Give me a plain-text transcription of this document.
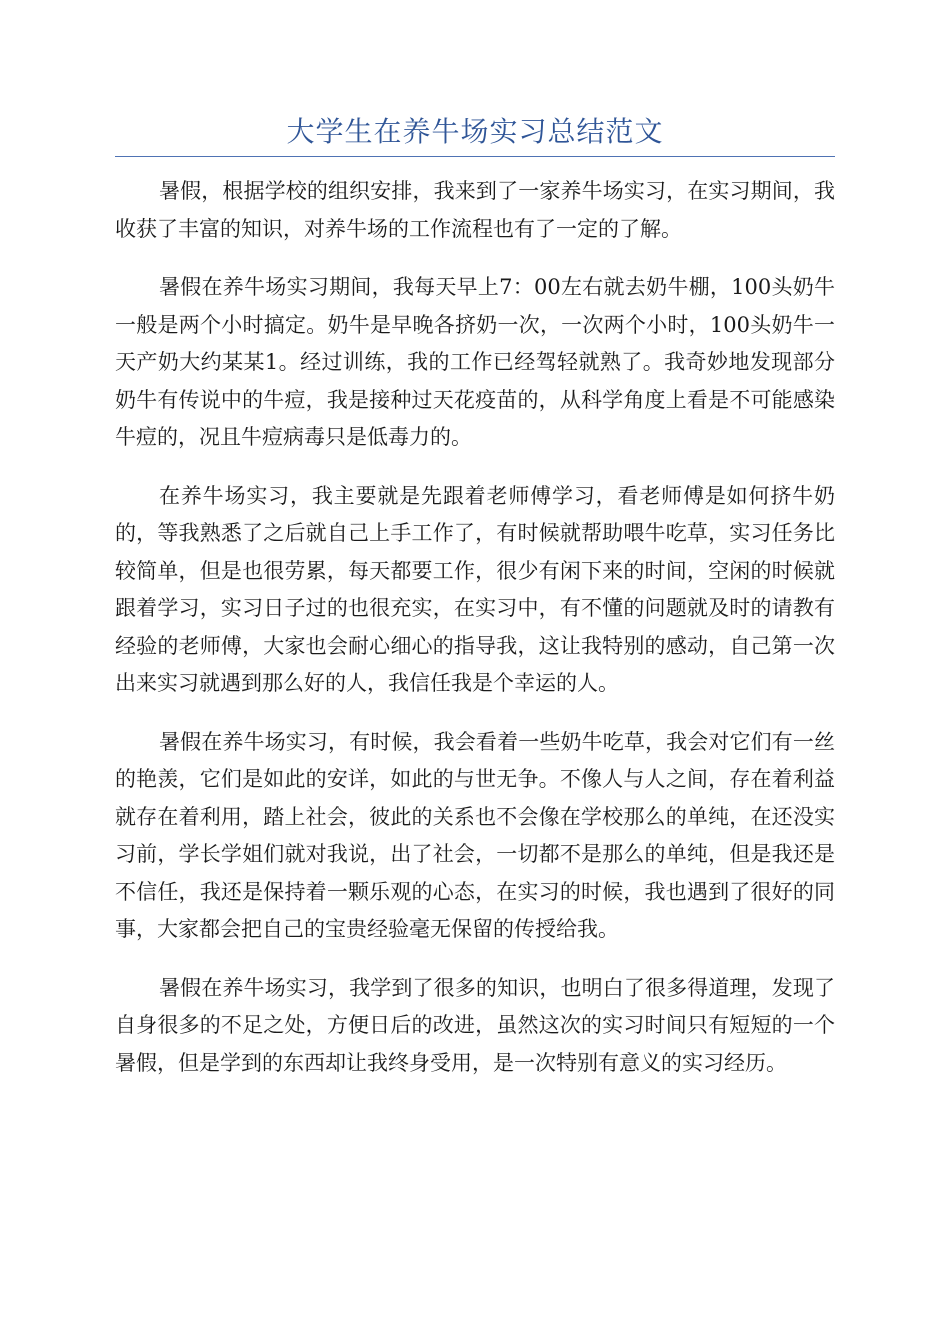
大学生在养牛场实习总结范文

暑假，根据学校的组织安排，我来到了一家养牛场实习，在实习期间，我收获了丰富的知识，对养牛场的工作流程也有了一定的了解。

暑假在养牛场实习期间，我每天早上7：00左右就去奶牛棚，100头奶牛一般是两个小时搞定。奶牛是早晚各挤奶一次，一次两个小时，100头奶牛一天产奶大约某某1。经过训练，我的工作已经驾轻就熟了。我奇妙地发现部分奶牛有传说中的牛痘，我是接种过天花疫苗的，从科学角度上看是不可能感染牛痘的，况且牛痘病毒只是低毒力的。

在养牛场实习，我主要就是先跟着老师傅学习，看老师傅是如何挤牛奶的，等我熟悉了之后就自己上手工作了，有时候就帮助喂牛吃草，实习任务比较简单，但是也很劳累，每天都要工作，很少有闲下来的时间，空闲的时候就跟着学习，实习日子过的也很充实，在实习中，有不懂的问题就及时的请教有经验的老师傅，大家也会耐心细心的指导我，这让我特别的感动，自己第一次出来实习就遇到那么好的人，我信任我是个幸运的人。

暑假在养牛场实习，有时候，我会看着一些奶牛吃草，我会对它们有一丝的艳羡，它们是如此的安详，如此的与世无争。不像人与人之间，存在着利益就存在着利用，踏上社会，彼此的关系也不会像在学校那么的单纯，在还没实习前，学长学姐们就对我说，出了社会，一切都不是那么的单纯，但是我还是不信任，我还是保持着一颗乐观的心态，在实习的时候，我也遇到了很好的同事，大家都会把自己的宝贵经验毫无保留的传授给我。

暑假在养牛场实习，我学到了很多的知识，也明白了很多得道理，发现了自身很多的不足之处，方便日后的改进，虽然这次的实习时间只有短短的一个暑假，但是学到的东西却让我终身受用，是一次特别有意义的实习经历。
